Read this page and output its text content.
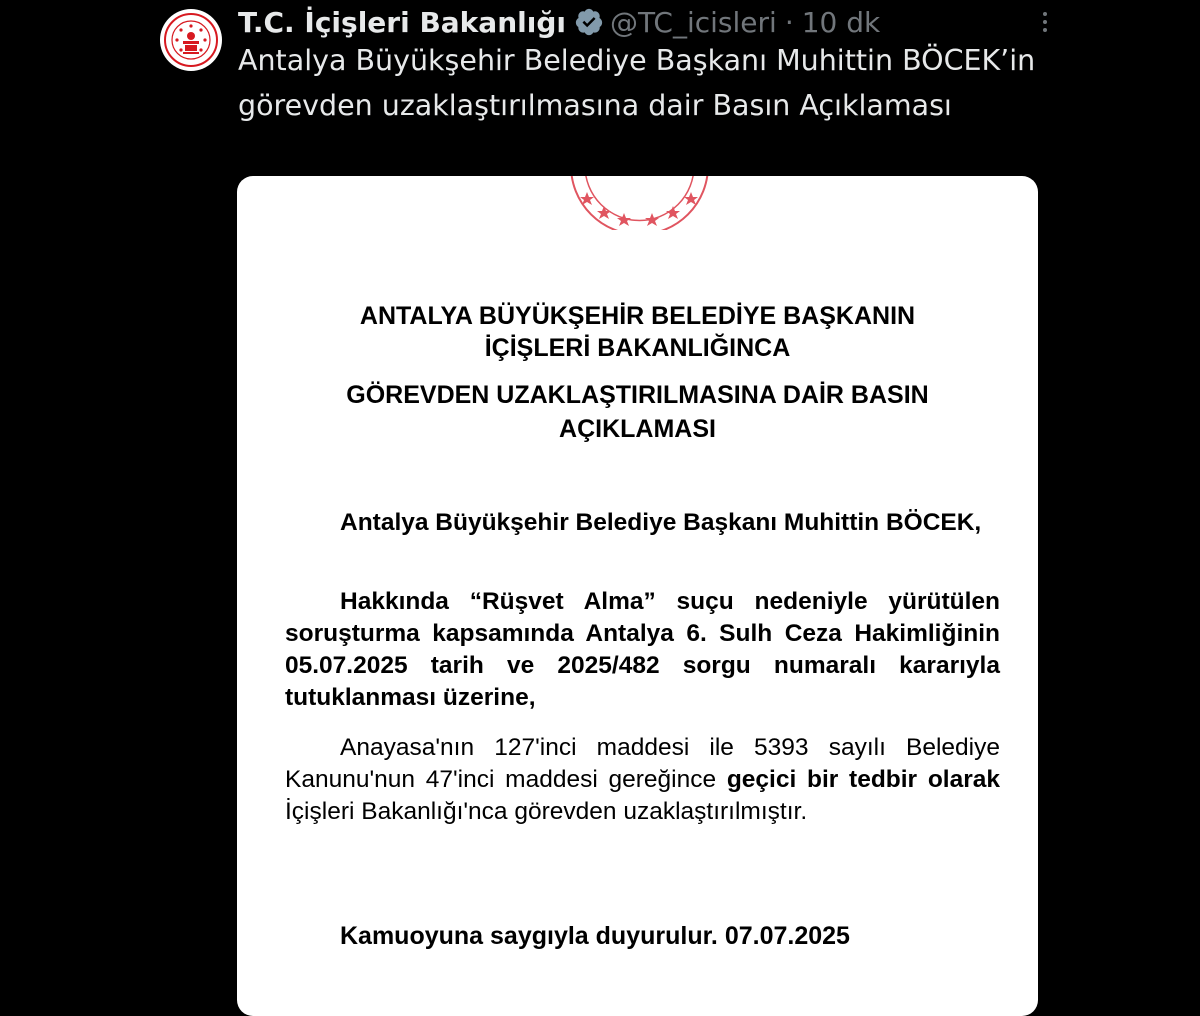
T.C. İçişleri Bakanlığı @TC_icisleri · 10 dk

Antalya Büyükşehir Belediye Başkanı Muhittin BÖCEK’in görevden uzaklaştırılmasına dair Basın Açıklaması

ANTALYA BÜYÜKŞEHİR BELEDİYE BAŞKANIN

İÇİŞLERİ BAKANLIĞINCA

GÖREVDEN UZAKLAŞTIRILMASINA DAİR BASIN

AÇIKLAMASI

Antalya Büyükşehir Belediye Başkanı Muhittin BÖCEK,

Hakkında “Rüşvet Alma” suçu nedeniyle yürütülen soruşturma kapsamında Antalya 6. Sulh Ceza Hakimliğinin 05.07.2025 tarih ve 2025/482 sorgu numaralı kararıyla tutuklanması üzerine,

Anayasa'nın 127'inci maddesi ile 5393 sayılı Belediye Kanunu'nun 47'inci maddesi gereğince geçici bir tedbir olarak İçişleri Bakanlığı'nca görevden uzaklaştırılmıştır.

Kamuoyuna saygıyla duyurulur. 07.07.2025
